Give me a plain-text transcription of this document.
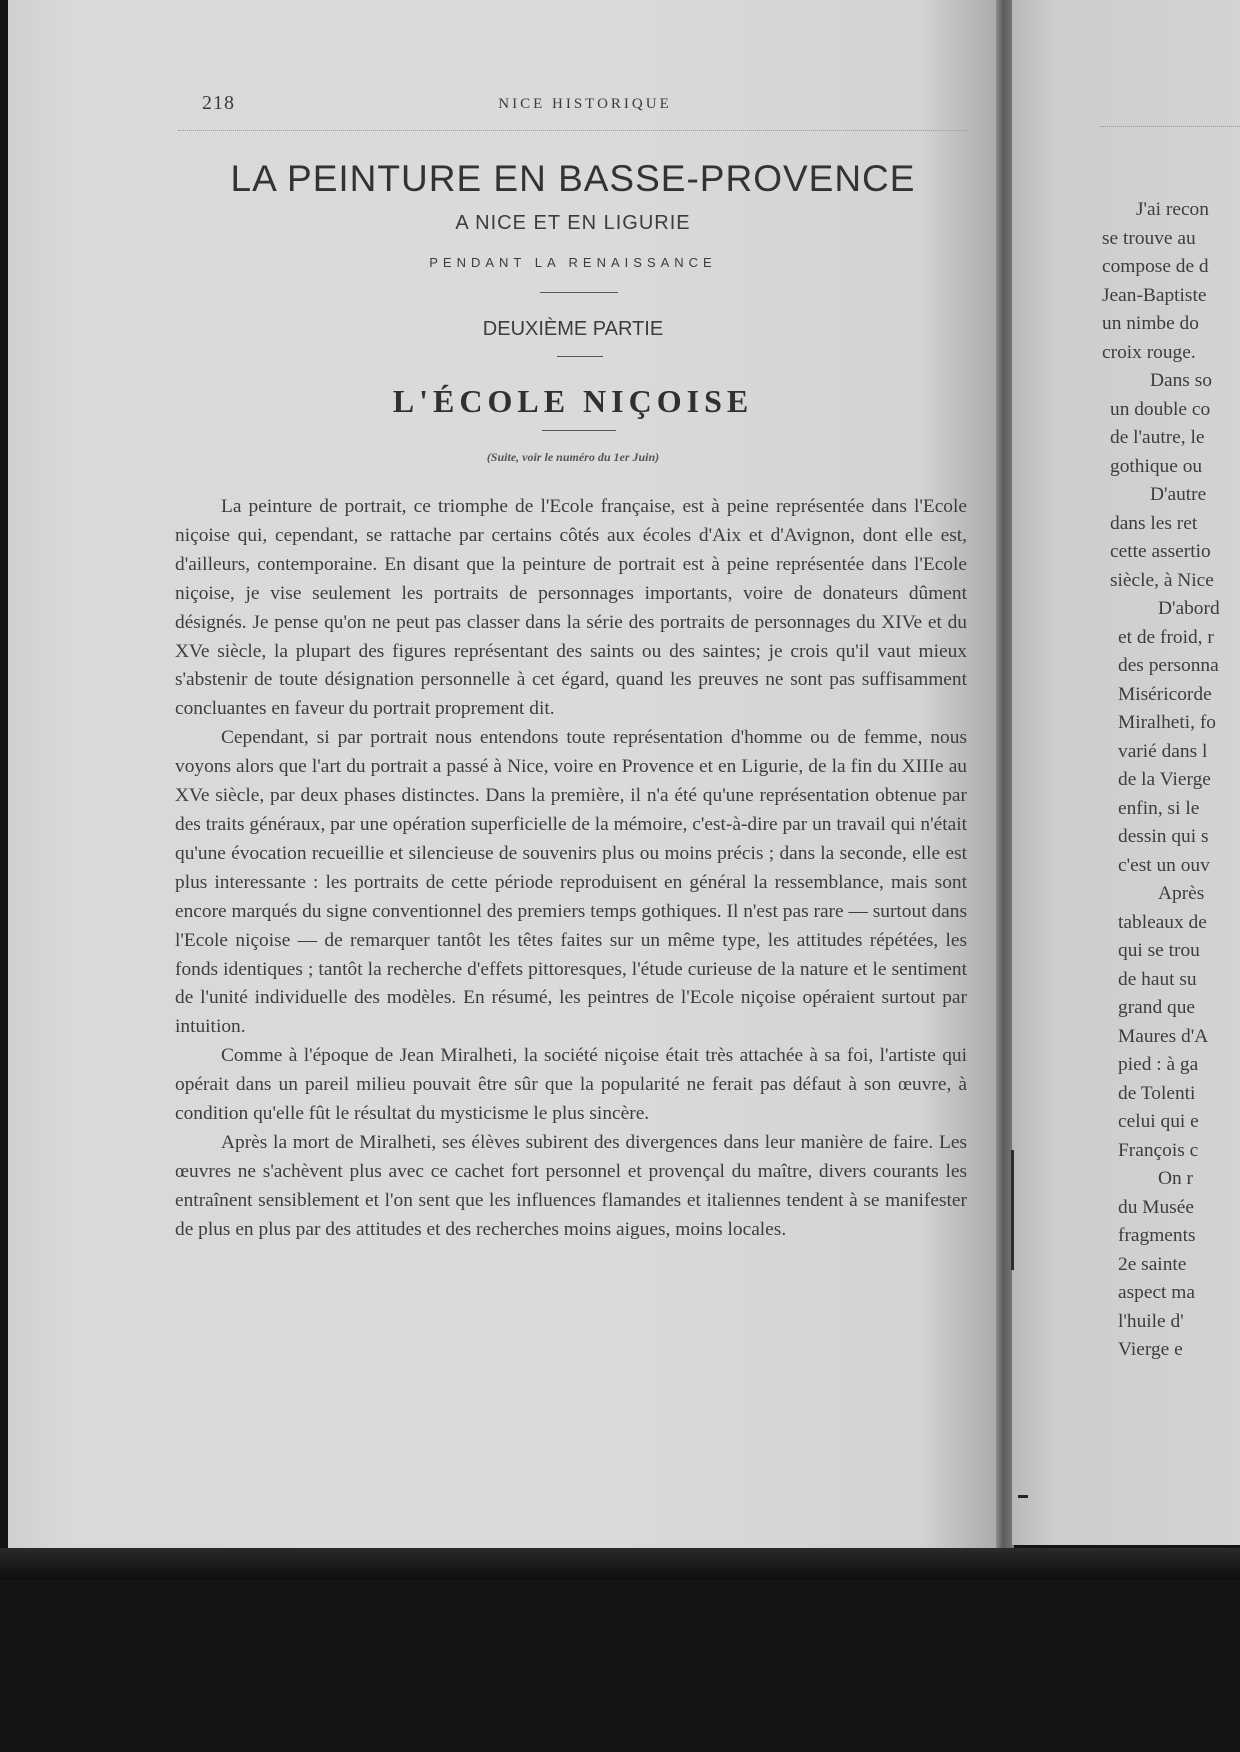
218	NICE HISTORIQUE
LA PEINTURE EN BASSE-PROVENCE
A NICE ET EN LIGURIE
PENDANT LA RENAISSANCE
DEUXIÈME PARTIE
L'ÉCOLE NIÇOISE
(Suite, voir le numéro du 1er Juin)

La peinture de portrait, ce triomphe de l'Ecole française, est à peine représentée dans l'Ecole niçoise qui, cependant, se rattache par certains côtés aux écoles d'Aix et d'Avignon, dont elle est, d'ailleurs, contemporaine. En disant que la peinture de portrait est à peine représentée dans l'Ecole niçoise, je vise seulement les portraits de personnages importants, voire de donateurs dûment désignés. Je pense qu'on ne peut pas classer dans la série des portraits de personnages du XIVe et du XVe siècle, la plupart des figures représentant des saints ou des saintes; je crois qu'il vaut mieux s'abstenir de toute désignation personnelle à cet égard, quand les preuves ne sont pas suffisamment concluantes en faveur du portrait proprement dit.

Cependant, si par portrait nous entendons toute représentation d'homme ou de femme, nous voyons alors que l'art du portrait a passé à Nice, voire en Provence et en Ligurie, de la fin du XIIIe au XVe siècle, par deux phases distinctes. Dans la première, il n'a été qu'une représentation obtenue par des traits généraux, par une opération superficielle de la mémoire, c'est-à-dire par un travail qui n'était qu'une évocation recueillie et silencieuse de souvenirs plus ou moins précis ; dans la seconde, elle est plus interessante : les portraits de cette période reproduisent en général la ressemblance, mais sont encore marqués du signe conventionnel des premiers temps gothiques. Il n'est pas rare — surtout dans l'Ecole niçoise — de remarquer tantôt les têtes faites sur un même type, les attitudes répétées, les fonds identiques ; tantôt la recherche d'effets pittoresques, l'étude curieuse de la nature et le sentiment de l'unité individuelle des modèles. En résumé, les peintres de l'Ecole niçoise opéraient surtout par intuition.

Comme à l'époque de Jean Miralheti, la société niçoise était très attachée à sa foi, l'artiste qui opérait dans un pareil milieu pouvait être sûr que la popularité ne ferait pas défaut à son œuvre, à condition qu'elle fût le résultat du mysticisme le plus sincère.

Après la mort de Miralheti, ses élèves subirent des divergences dans leur manière de faire. Les œuvres ne s'achèvent plus avec ce cachet fort personnel et provençal du maître, divers courants les entraînent sensiblement et l'on sent que les influences flamandes et italiennes tendent à se manifester de plus en plus par des attitudes et des recherches moins aigues, moins locales.

J'ai recon
se trouve au
compose de d
Jean-Baptiste
un nimbe do
croix rouge.
Dans so
un double co
de l'autre, le
gothique ou
D'autre
dans les ret
cette assertio
siècle, à Nice
D'abord
et de froid, r
des personna
Miséricorde
Miralheti, fo
varié dans l
de la Vierge
enfin, si le
dessin qui s
c'est un ouv
Après
tableaux de
qui se trou
de haut su
grand que
Maures d'A
pied : à ga
de Tolenti
celui qui e
François c
On r
du Musée
fragments
2e sainte
aspect ma
l'huile d'
Vierge e
